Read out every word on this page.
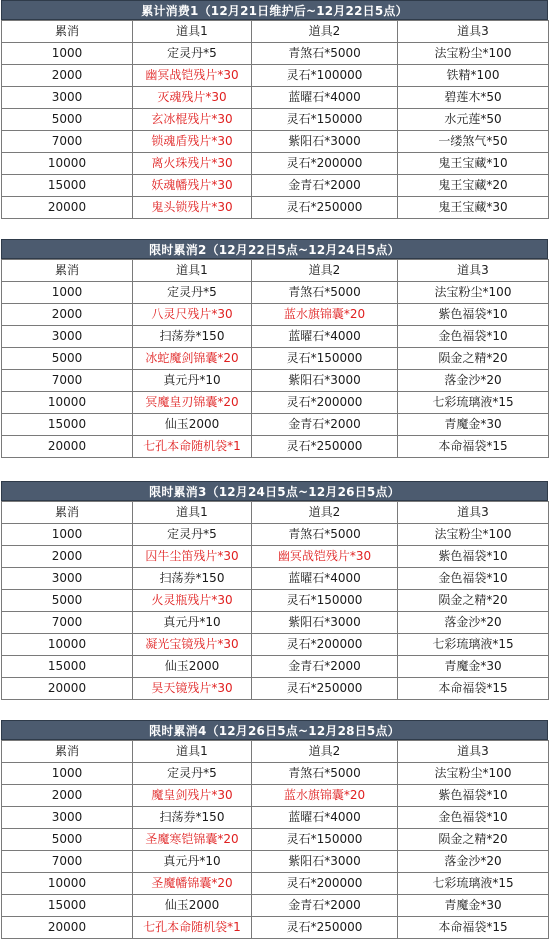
累计消费1（12月21日维护后~12月22日5点）
累消	道具1	道具2	道具3
1000	定灵丹*5	青煞石*5000	法宝粉尘*100
2000	幽冥战铠残片*30	灵石*100000	铁精*100
3000	灭魂残片*30	蓝曜石*4000	碧莲木*50
5000	玄冰棍残片*30	灵石*150000	水元莲*50
7000	锁魂盾残片*30	紫阳石*3000	一缕煞气*50
10000	离火珠残片*30	灵石*200000	鬼王宝藏*10
15000	妖魂幡残片*30	金青石*2000	鬼王宝藏*20
20000	鬼头锁残片*30	灵石*250000	鬼王宝藏*30
限时累消2（12月22日5点~12月24日5点）
累消	道具1	道具2	道具3
1000	定灵丹*5	青煞石*5000	法宝粉尘*100
2000	八灵尺残片*30	蓝水旗锦囊*20	紫色福袋*10
3000	扫荡券*150	蓝曜石*4000	金色福袋*10
5000	冰蛇魔剑锦囊*20	灵石*150000	陨金之精*20
7000	真元丹*10	紫阳石*3000	落金沙*20
10000	冥魔皇刃锦囊*20	灵石*200000	七彩琉璃液*15
15000	仙玉2000	金青石*2000	青魔金*30
20000	七孔本命随机袋*1	灵石*250000	本命福袋*15
限时累消3（12月24日5点~12月26日5点）
累消	道具1	道具2	道具3
1000	定灵丹*5	青煞石*5000	法宝粉尘*100
2000	囚牛尘笛残片*30	幽冥战铠残片*30	紫色福袋*10
3000	扫荡券*150	蓝曜石*4000	金色福袋*10
5000	火灵瓶残片*30	灵石*150000	陨金之精*20
7000	真元丹*10	紫阳石*3000	落金沙*20
10000	凝光宝镜残片*30	灵石*200000	七彩琉璃液*15
15000	仙玉2000	金青石*2000	青魔金*30
20000	昊天镜残片*30	灵石*250000	本命福袋*15
限时累消4（12月26日5点~12月28日5点）
累消	道具1	道具2	道具3
1000	定灵丹*5	青煞石*5000	法宝粉尘*100
2000	魔皇剑残片*30	蓝水旗锦囊*20	紫色福袋*10
3000	扫荡券*150	蓝曜石*4000	金色福袋*10
5000	圣魔寒铠锦囊*20	灵石*150000	陨金之精*20
7000	真元丹*10	紫阳石*3000	落金沙*20
10000	圣魔幡锦囊*20	灵石*200000	七彩琉璃液*15
15000	仙玉2000	金青石*2000	青魔金*30
20000	七孔本命随机袋*1	灵石*250000	本命福袋*15
